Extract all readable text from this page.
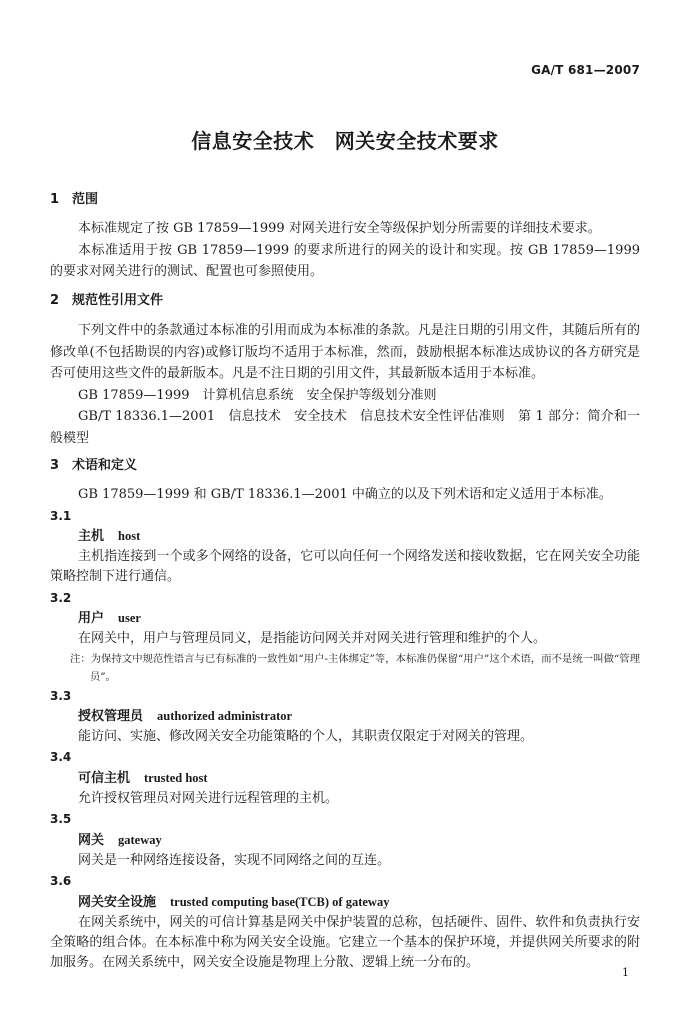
GA/T 681—2007
信息安全技术　网关安全技术要求
1 范围

本标准规定了按 GB 17859—1999 对网关进行安全等级保护划分所需要的详细技术要求。

本标准适用于按 GB 17859—1999 的要求所进行的网关的设计和实现。按 GB 17859—1999 的要求对网关进行的测试、配置也可参照使用。

2 规范性引用文件

下列文件中的条款通过本标准的引用而成为本标准的条款。凡是注日期的引用文件，其随后所有的修改单(不包括勘误的内容)或修订版均不适用于本标准，然而，鼓励根据本标准达成协议的各方研究是否可使用这些文件的最新版本。凡是不注日期的引用文件，其最新版本适用于本标准。

GB 17859—1999　计算机信息系统　安全保护等级划分准则

GB/T 18336.1—2001　信息技术　安全技术　信息技术安全性评估准则　第 1 部分：简介和一般模型

3 术语和定义

GB 17859—1999 和 GB/T 18336.1—2001 中确立的以及下列术语和定义适用于本标准。

3.1

主机 host

主机指连接到一个或多个网络的设备，它可以向任何一个网络发送和接收数据，它在网关安全功能策略控制下进行通信。

3.2

用户 user

在网关中，用户与管理员同义，是指能访问网关并对网关进行管理和维护的个人。

注：为保持文中规范性语言与已有标准的一致性如“用户-主体绑定”等，本标准仍保留“用户”这个术语，而不是统一叫做“管理员”。

3.3

授权管理员 authorized administrator

能访问、实施、修改网关安全功能策略的个人，其职责仅限定于对网关的管理。

3.4

可信主机 trusted host

允许授权管理员对网关进行远程管理的主机。

3.5

网关 gateway

网关是一种网络连接设备，实现不同网络之间的互连。

3.6

网关安全设施 trusted computing base(TCB) of gateway

在网关系统中，网关的可信计算基是网关中保护装置的总称，包括硬件、固件、软件和负责执行安全策略的组合体。在本标准中称为网关安全设施。它建立一个基本的保护环境，并提供网关所要求的附加服务。在网关系统中，网关安全设施是物理上分散、逻辑上统一分布的。

1
